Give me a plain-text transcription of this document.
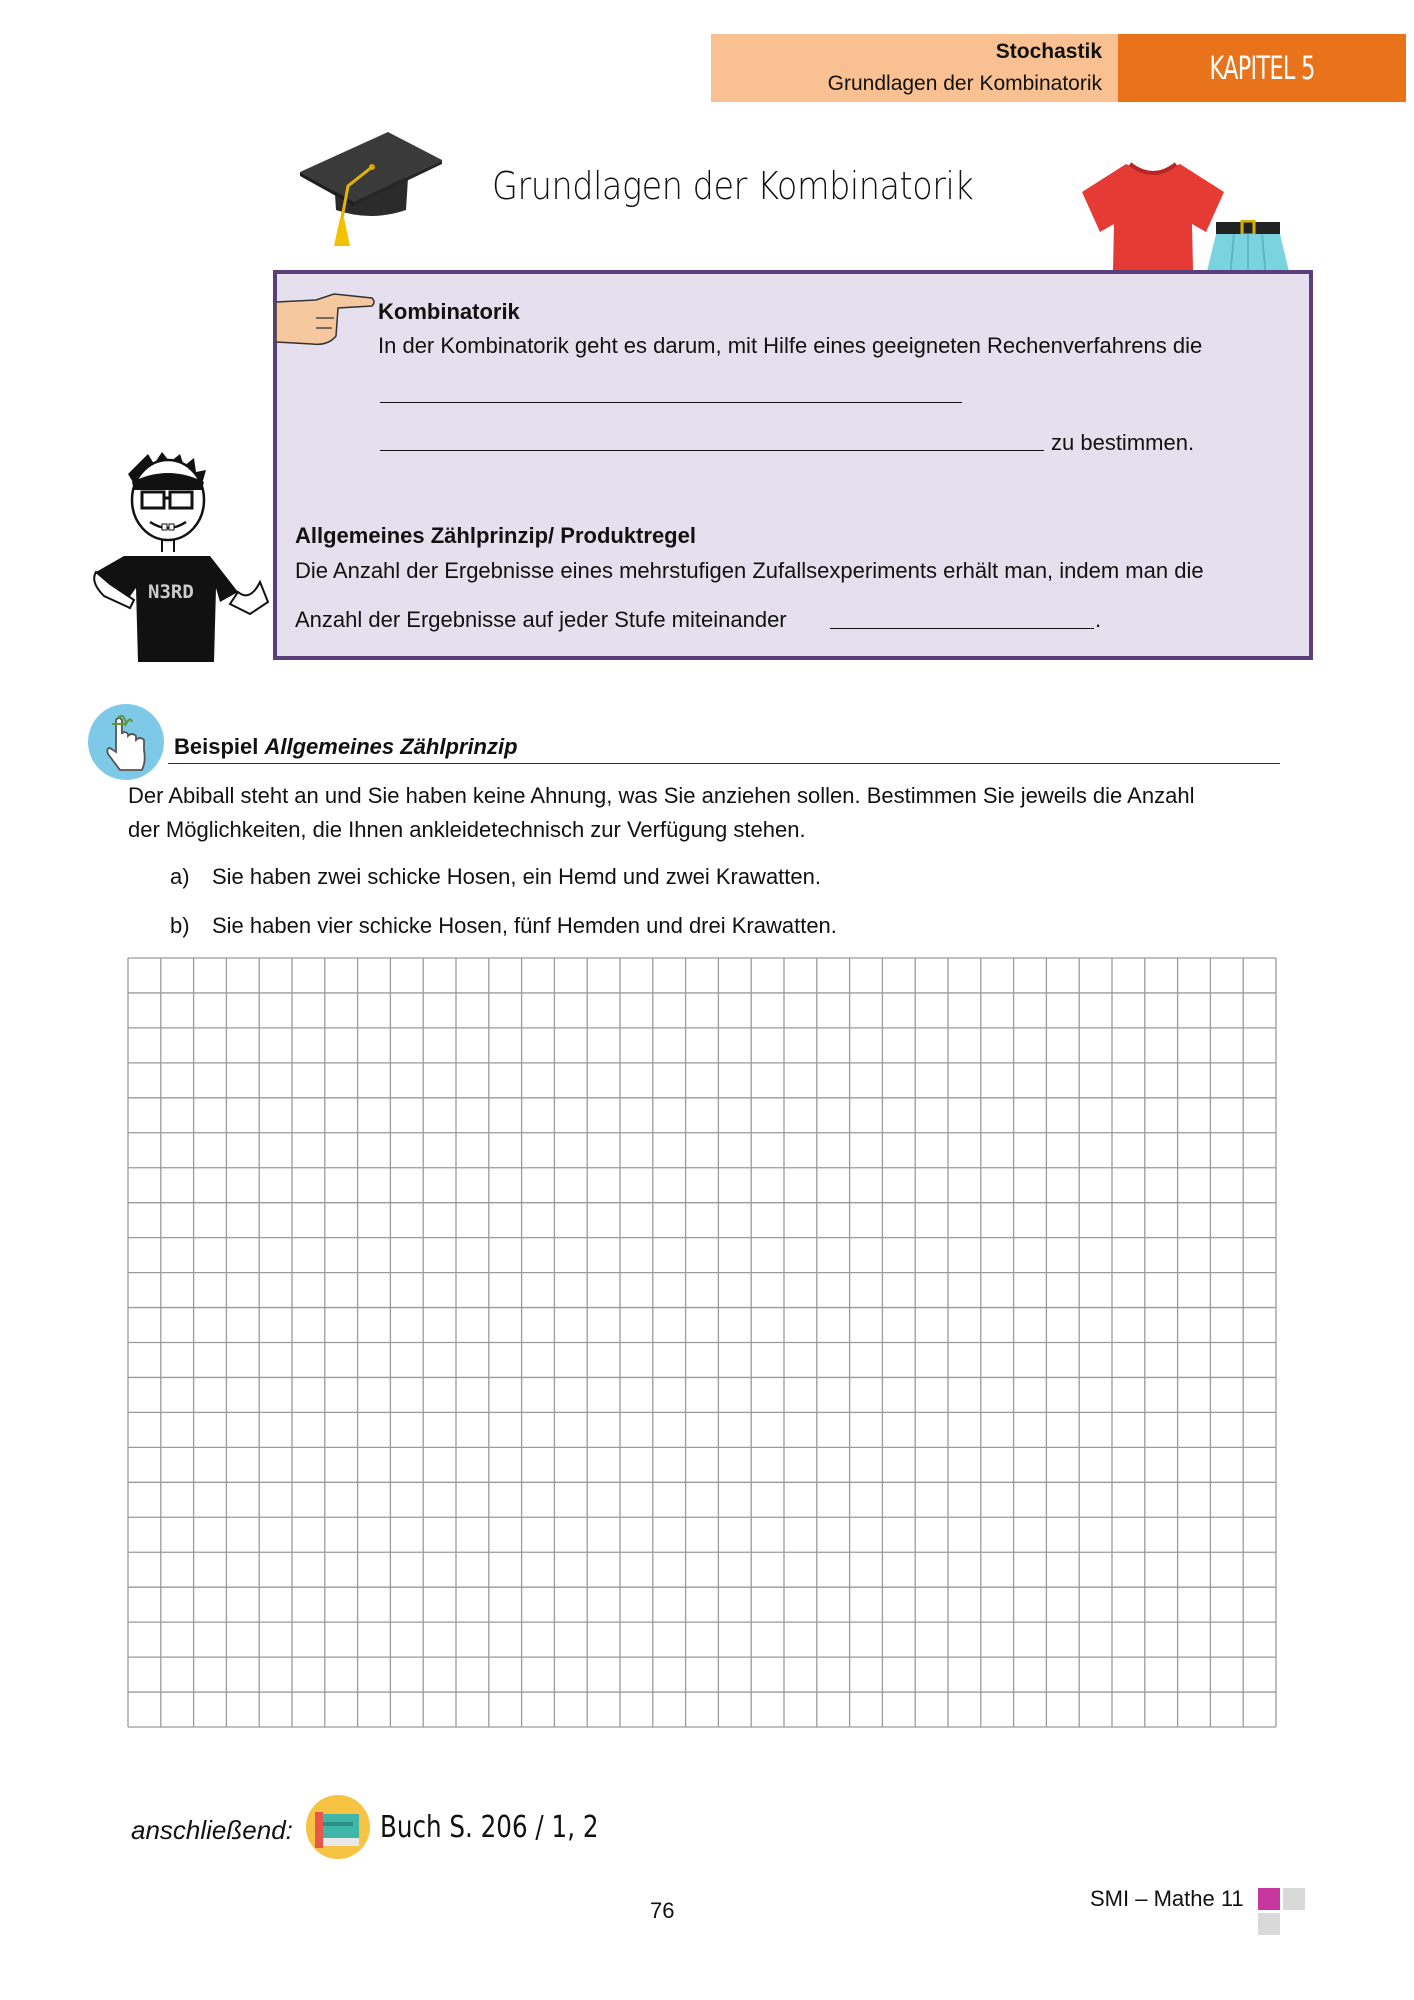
Stochastik
Grundlagen der Kombinatorik	KAPITEL 5
Grundlagen der Kombinatorik
Kombinatorik
In der Kombinatorik geht es darum, mit Hilfe eines geeigneten Rechenverfahrens die
zu bestimmen.
Allgemeines Zählprinzip/ Produktregel
Die Anzahl der Ergebnisse eines mehrstufigen Zufallsexperiments erhält man, indem man die
Anzahl der Ergebnisse auf jeder Stufe miteinander	.
N3RD
Beispiel Allgemeines Zählprinzip
Der Abiball steht an und Sie haben keine Ahnung, was Sie anziehen sollen. Bestimmen Sie jeweils die Anzahl
der Möglichkeiten, die Ihnen ankleidetechnisch zur Verfügung stehen.
a) Sie haben zwei schicke Hosen, ein Hemd und zwei Krawatten.
b) Sie haben vier schicke Hosen, fünf Hemden und drei Krawatten.
anschließend:	Buch S. 206 / 1, 2
76	SMI – Mathe 11
